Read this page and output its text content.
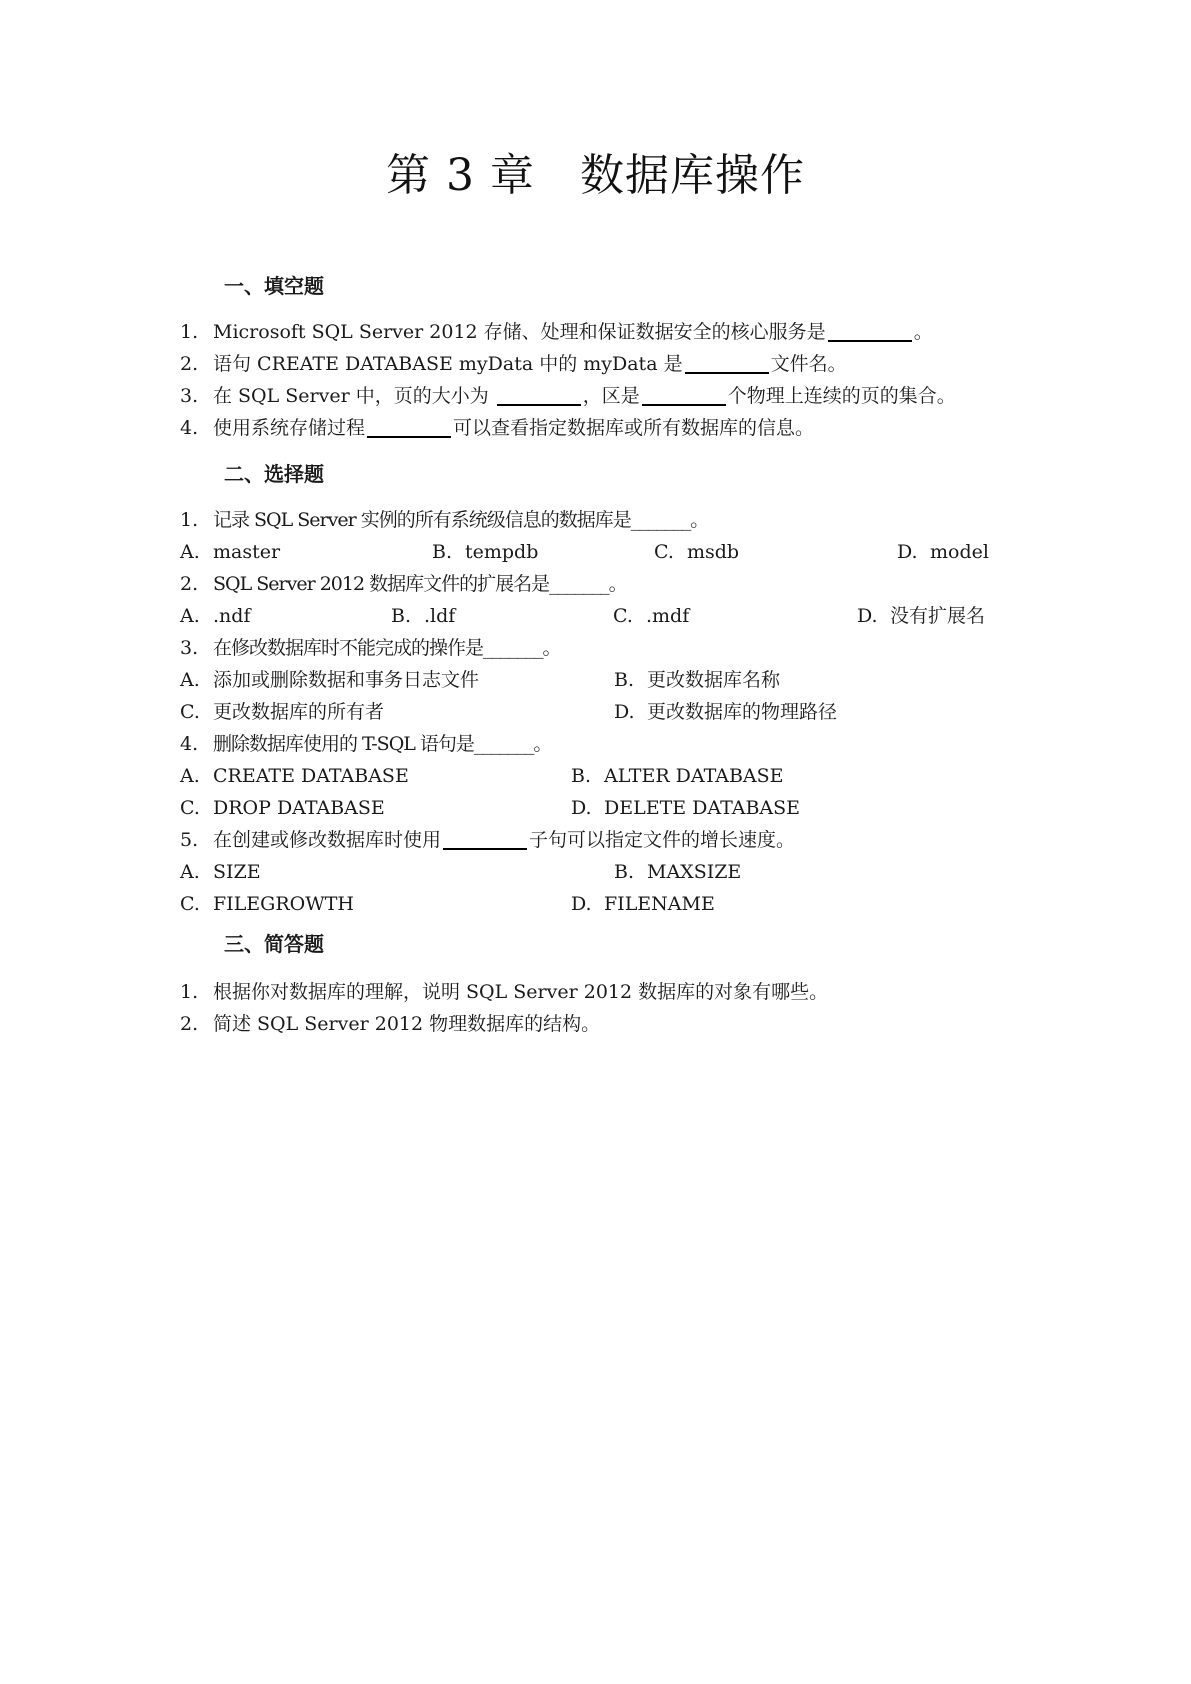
第 3 章   数据库操作
一、填空题
1. Microsoft SQL Server 2012 存储、处理和保证数据安全的核心服务是	。
2. 语句 CREATE DATABASE myData 中的 myData 是	文件名。
3. 在 SQL Server 中，页的大小为	，区是	个物理上连续的页的集合。
4. 使用系统存储过程	可以查看指定数据库或所有数据库的信息。
二、选择题
1. 记录 SQL Server 实例的所有系统级信息的数据库是_______。
A. master	B. tempdb	C. msdb	D. model
2. SQL Server 2012 数据库文件的扩展名是_______。
A. .ndf	B. .ldf	C. .mdf	D. 没有扩展名
3. 在修改数据库时不能完成的操作是_______。
A. 添加或删除数据和事务日志文件	B. 更改数据库名称
C. 更改数据库的所有者	D. 更改数据库的物理路径
4. 删除数据库使用的 T-SQL 语句是_______。
A. CREATE DATABASE	B. ALTER DATABASE
C. DROP DATABASE	D. DELETE DATABASE
5. 在创建或修改数据库时使用	子句可以指定文件的增长速度。
A. SIZE	B. MAXSIZE
C. FILEGROWTH	D. FILENAME
三、简答题
1. 根据你对数据库的理解，说明 SQL Server 2012 数据库的对象有哪些。
2. 简述 SQL Server 2012 物理数据库的结构。
